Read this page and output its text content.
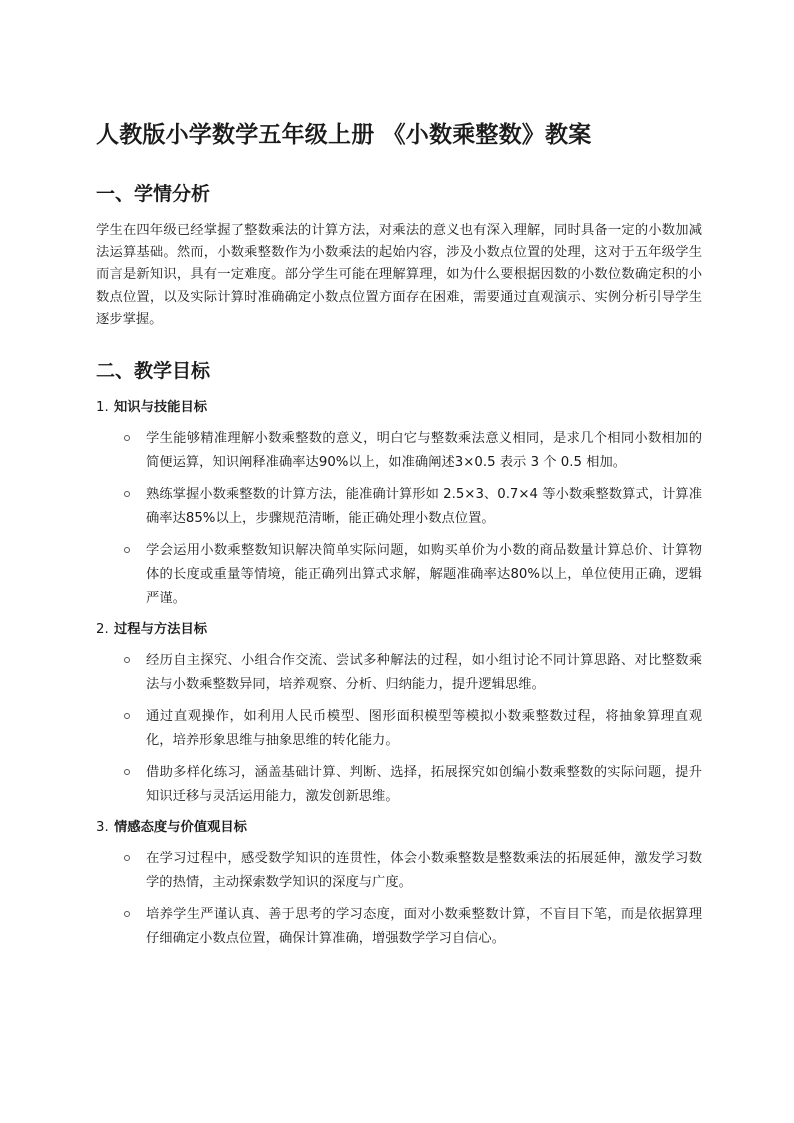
人教版小学数学五年级上册 《小数乘整数》教案
一、学情分析

学生在四年级已经掌握了整数乘法的计算方法，对乘法的意义也有深入理解，同时具备一定的小数加减法运算基础。然而，小数乘整数作为小数乘法的起始内容，涉及小数点位置的处理，这对于五年级学生而言是新知识，具有一定难度。部分学生可能在理解算理，如为什么要根据因数的小数位数确定积的小数点位置，以及实际计算时准确确定小数点位置方面存在困难，需要通过直观演示、实例分析引导学生逐步掌握。

二、教学目标
1. 知识与技能目标
学生能够精准理解小数乘整数的意义，明白它与整数乘法意义相同，是求几个相同小数相加的简便运算，知识阐释准确率达90%以上，如准确阐述3×0.5 表示 3 个 0.5 相加。
熟练掌握小数乘整数的计算方法，能准确计算形如 2.5×3、0.7×4 等小数乘整数算式，计算准确率达85%以上，步骤规范清晰，能正确处理小数点位置。
学会运用小数乘整数知识解决简单实际问题，如购买单价为小数的商品数量计算总价、计算物体的长度或重量等情境，能正确列出算式求解，解题准确率达80%以上，单位使用正确，逻辑严谨。
2. 过程与方法目标
经历自主探究、小组合作交流、尝试多种解法的过程，如小组讨论不同计算思路、对比整数乘法与小数乘整数异同，培养观察、分析、归纳能力，提升逻辑思维。
通过直观操作，如利用人民币模型、图形面积模型等模拟小数乘整数过程，将抽象算理直观化，培养形象思维与抽象思维的转化能力。
借助多样化练习，涵盖基础计算、判断、选择，拓展探究如创编小数乘整数的实际问题，提升知识迁移与灵活运用能力，激发创新思维。
3. 情感态度与价值观目标
在学习过程中，感受数学知识的连贯性，体会小数乘整数是整数乘法的拓展延伸，激发学习数学的热情，主动探索数学知识的深度与广度。
培养学生严谨认真、善于思考的学习态度，面对小数乘整数计算，不盲目下笔，而是依据算理仔细确定小数点位置，确保计算准确，增强数学学习自信心。
